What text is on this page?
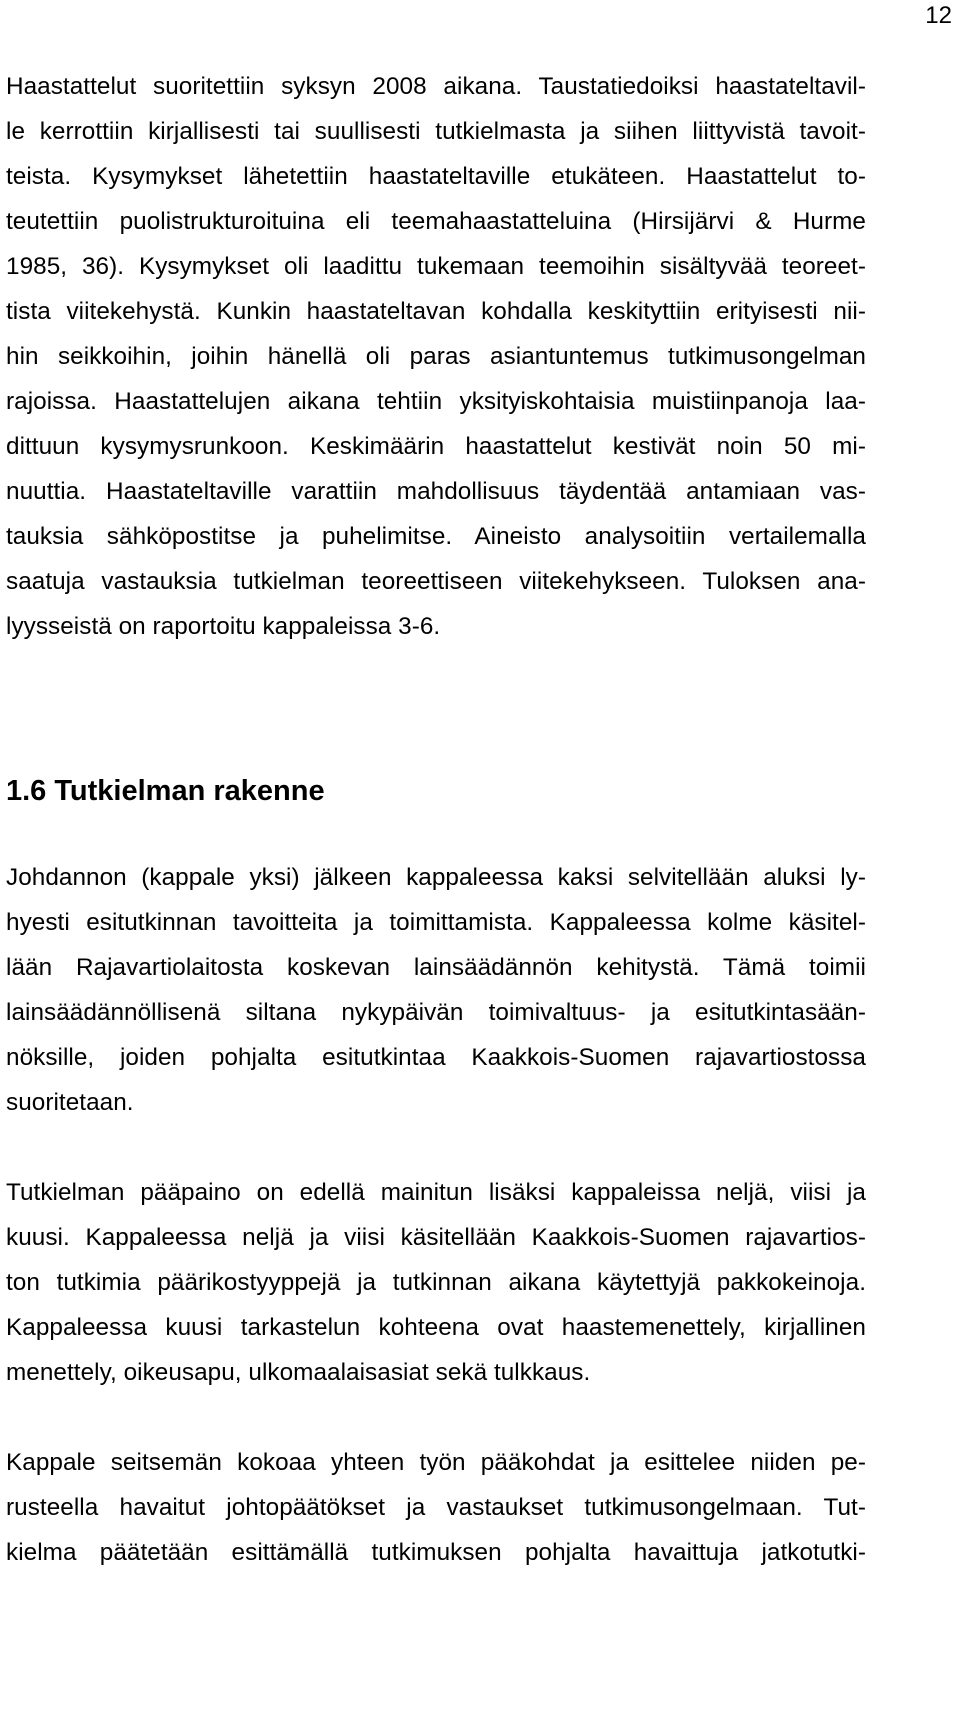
12
Haastattelut suoritettiin syksyn 2008 aikana. Taustatiedoiksi haastateltavil-
le kerrottiin kirjallisesti tai suullisesti tutkielmasta ja siihen liittyvistä tavoit-
teista. Kysymykset lähetettiin haastateltaville etukäteen. Haastattelut to-
teutettiin puolistrukturoituina eli teemahaastatteluina (Hirsijärvi & Hurme
1985, 36). Kysymykset oli laadittu tukemaan teemoihin sisältyvää teoreet-
tista viitekehystä. Kunkin haastateltavan kohdalla keskityttiin erityisesti nii-
hin seikkoihin, joihin hänellä oli paras asiantuntemus tutkimusongelman
rajoissa. Haastattelujen aikana tehtiin yksityiskohtaisia muistiinpanoja laa-
dittuun kysymysrunkoon. Keskimäärin haastattelut kestivät noin 50 mi-
nuuttia. Haastateltaville varattiin mahdollisuus täydentää antamiaan vas-
tauksia sähköpostitse ja puhelimitse. Aineisto analysoitiin vertailemalla
saatuja vastauksia tutkielman teoreettiseen viitekehykseen. Tuloksen ana-
lyysseistä on raportoitu kappaleissa 3-6.
1.6 Tutkielman rakenne
Johdannon (kappale yksi) jälkeen kappaleessa kaksi selvitellään aluksi ly-
hyesti esitutkinnan tavoitteita ja toimittamista. Kappaleessa kolme käsitel-
lään Rajavartiolaitosta koskevan lainsäädännön kehitystä. Tämä toimii
lainsäädännöllisenä siltana nykypäivän toimivaltuus- ja esitutkintasään-
nöksille, joiden pohjalta esitutkintaa Kaakkois-Suomen rajavartiostossa
suoritetaan.
Tutkielman pääpaino on edellä mainitun lisäksi kappaleissa neljä, viisi ja
kuusi. Kappaleessa neljä ja viisi käsitellään Kaakkois-Suomen rajavartios-
ton tutkimia päärikostyyppejä ja tutkinnan aikana käytettyjä pakkokeinoja.
Kappaleessa kuusi tarkastelun kohteena ovat haastemenettely, kirjallinen
menettely, oikeusapu, ulkomaalaisasiat sekä tulkkaus.
Kappale seitsemän kokoaa yhteen työn pääkohdat ja esittelee niiden pe-
rusteella havaitut johtopäätökset ja vastaukset tutkimusongelmaan. Tut-
kielma päätetään esittämällä tutkimuksen pohjalta havaittuja jatkotutki-
